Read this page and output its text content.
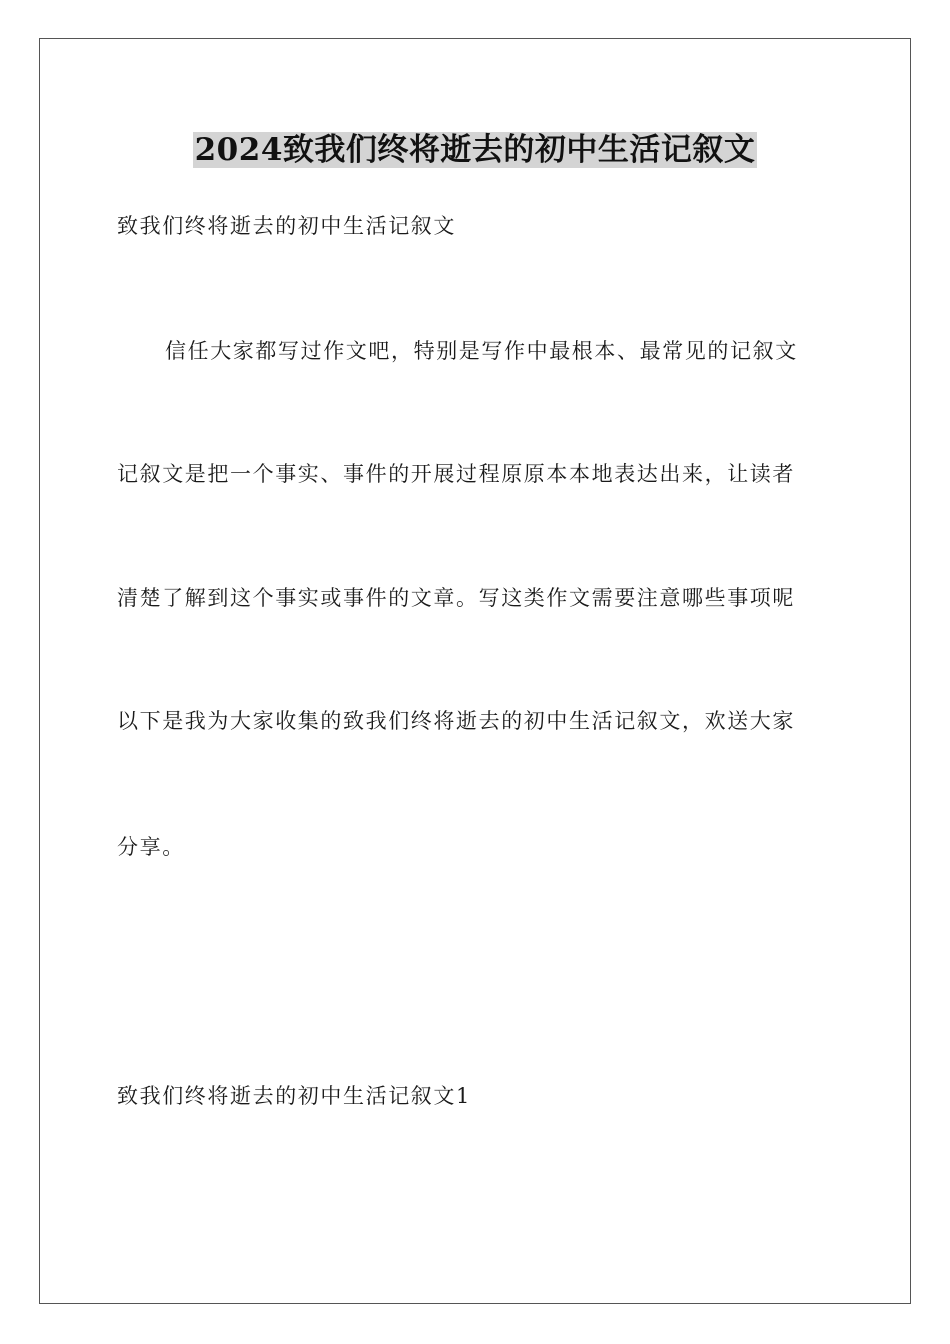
2024致我们终将逝去的初中生活记叙文
致我们终将逝去的初中生活记叙文
信任大家都写过作文吧，特别是写作中最根本、最常见的记叙文
记叙文是把一个事实、事件的开展过程原原本本地表达出来，让读者
清楚了解到这个事实或事件的文章。写这类作文需要注意哪些事项呢
以下是我为大家收集的致我们终将逝去的初中生活记叙文，欢送大家
分享。
致我们终将逝去的初中生活记叙文1
